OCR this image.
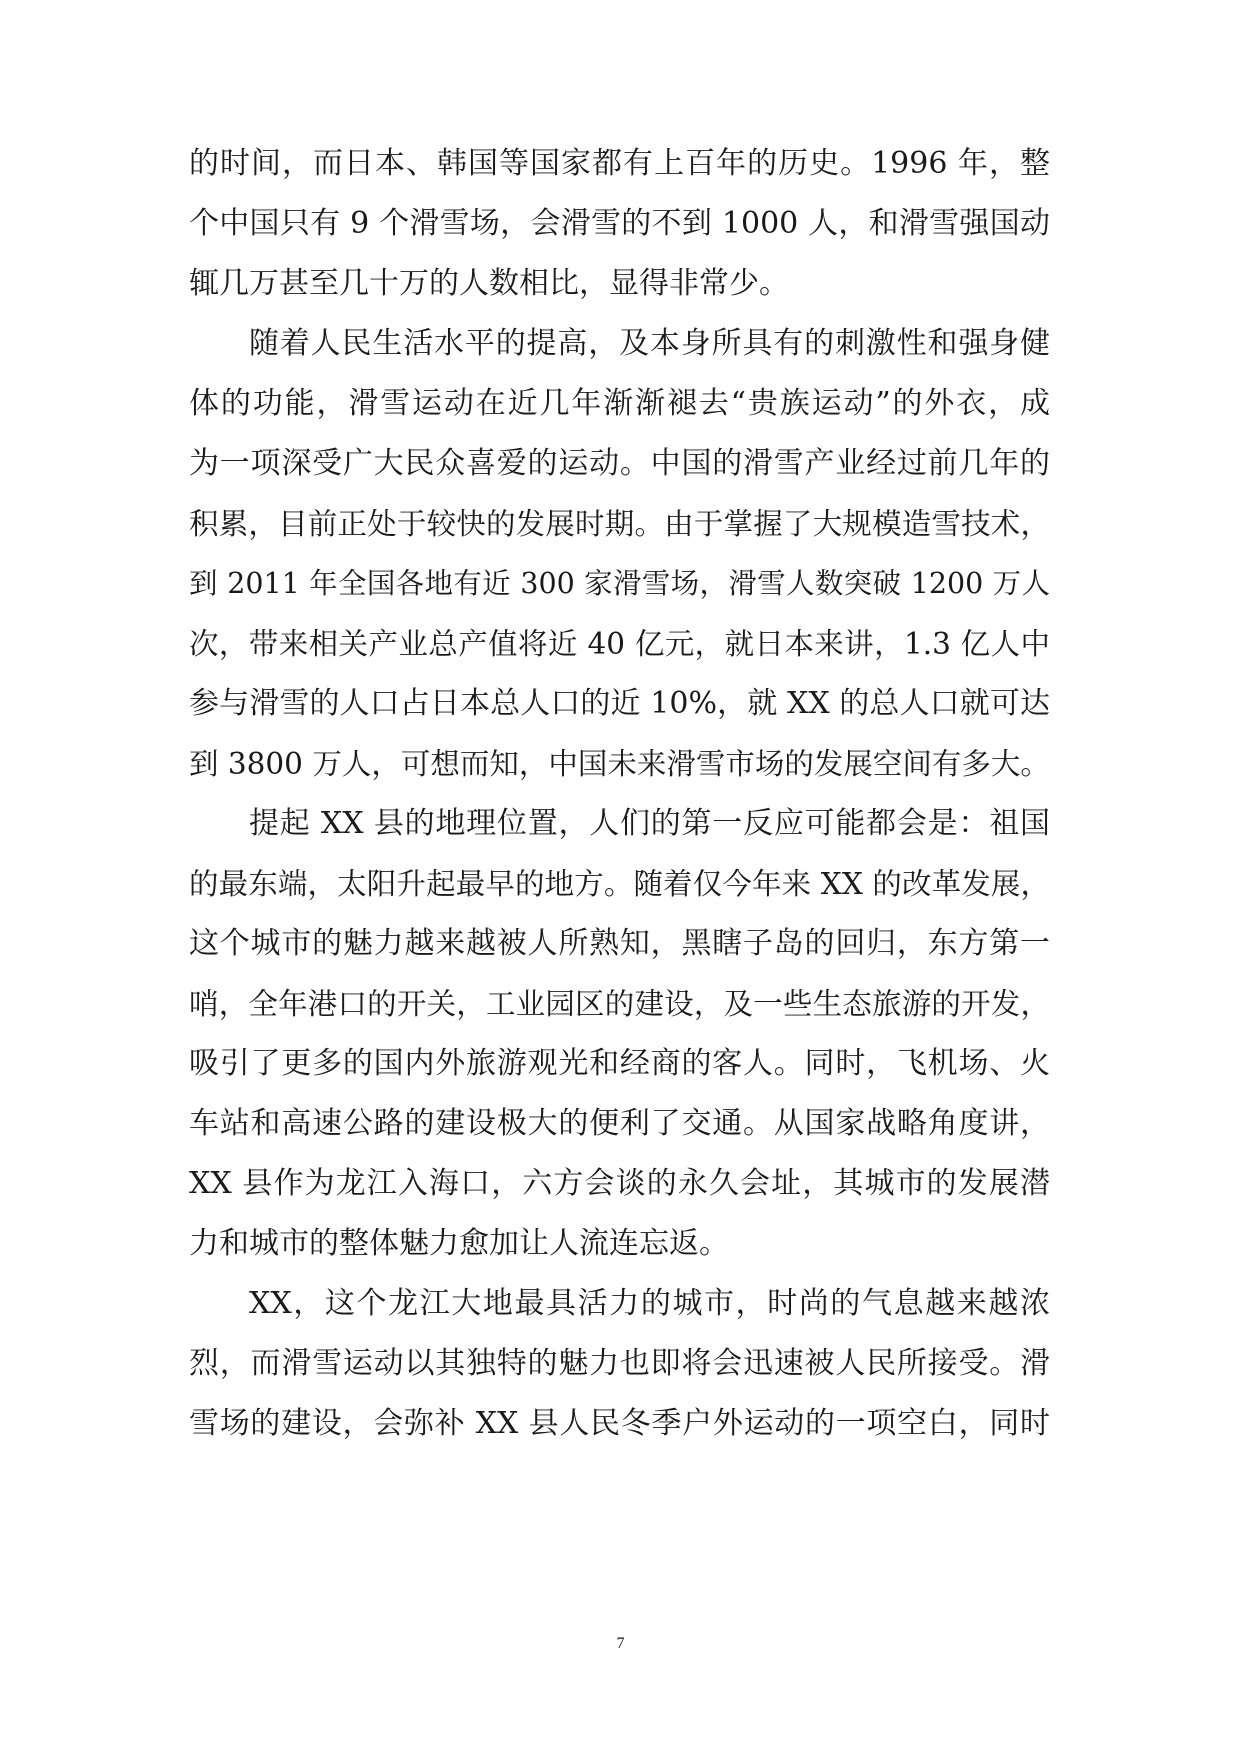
的时间，而日本、韩国等国家都有上百年的历史。1996 年，整
个中国只有 9 个滑雪场，会滑雪的不到 1000 人，和滑雪强国动
辄几万甚至几十万的人数相比，显得非常少。
随着人民生活水平的提高，及本身所具有的刺激性和强身健
体的功能，滑雪运动在近几年渐渐褪去“贵族运动”的外衣，成
为一项深受广大民众喜爱的运动。中国的滑雪产业经过前几年的
积累，目前正处于较快的发展时期。由于掌握了大规模造雪技术，
到 2011 年全国各地有近 300 家滑雪场，滑雪人数突破 1200 万人
次，带来相关产业总产值将近 40 亿元，就日本来讲，1.3 亿人中
参与滑雪的人口占日本总人口的近 10%，就 XX 的总人口就可达
到 3800 万人，可想而知，中国未来滑雪市场的发展空间有多大。
提起 XX 县的地理位置，人们的第一反应可能都会是：祖国
的最东端，太阳升起最早的地方。随着仅今年来 XX 的改革发展，
这个城市的魅力越来越被人所熟知，黑瞎子岛的回归，东方第一
哨，全年港口的开关，工业园区的建设，及一些生态旅游的开发，
吸引了更多的国内外旅游观光和经商的客人。同时，飞机场、火
车站和高速公路的建设极大的便利了交通。从国家战略角度讲，
XX 县作为龙江入海口，六方会谈的永久会址，其城市的发展潜
力和城市的整体魅力愈加让人流连忘返。
XX，这个龙江大地最具活力的城市，时尚的气息越来越浓
烈，而滑雪运动以其独特的魅力也即将会迅速被人民所接受。滑
雪场的建设，会弥补 XX 县人民冬季户外运动的一项空白，同时
7
